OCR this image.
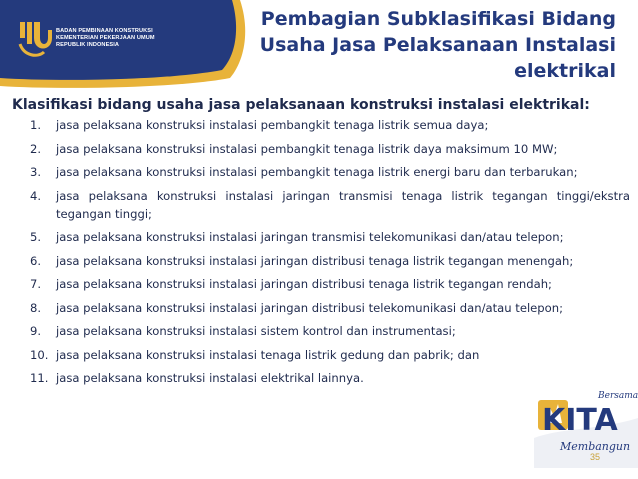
BADAN PEMBINAAN KONSTRUKSI
KEMENTERIAN PEKERJAAN UMUM
REPUBLIK INDONESIA
Pembagian Subklasifikasi Bidang
Usaha Jasa Pelaksanaan Instalasi
elektrikal
Klasifikasi bidang usaha jasa pelaksanaan konstruksi instalasi elektrikal:
1.	jasa pelaksana konstruksi instalasi pembangkit tenaga listrik semua daya;
2.	jasa pelaksana konstruksi instalasi pembangkit tenaga listrik daya maksimum 10 MW;
3.	jasa pelaksana konstruksi instalasi pembangkit tenaga listrik energi baru dan terbarukan;
4.	jasa pelaksana konstruksi instalasi jaringan transmisi tenaga listrik tegangan tinggi/ekstra tegangan tinggi;
5.	jasa pelaksana konstruksi instalasi jaringan transmisi telekomunikasi dan/atau telepon;
6.	jasa pelaksana konstruksi instalasi jaringan distribusi tenaga listrik tegangan menengah;
7.	jasa pelaksana konstruksi instalasi jaringan distribusi tenaga listrik tegangan rendah;
8.	jasa pelaksana konstruksi instalasi jaringan distribusi telekomunikasi dan/atau telepon;
9.	jasa pelaksana konstruksi instalasi sistem kontrol dan instrumentasi;
10. jasa pelaksana konstruksi instalasi tenaga listrik gedung dan pabrik; dan
11. jasa pelaksana konstruksi instalasi elektrikal lainnya.
Bersama
KITA
Membangun
35
